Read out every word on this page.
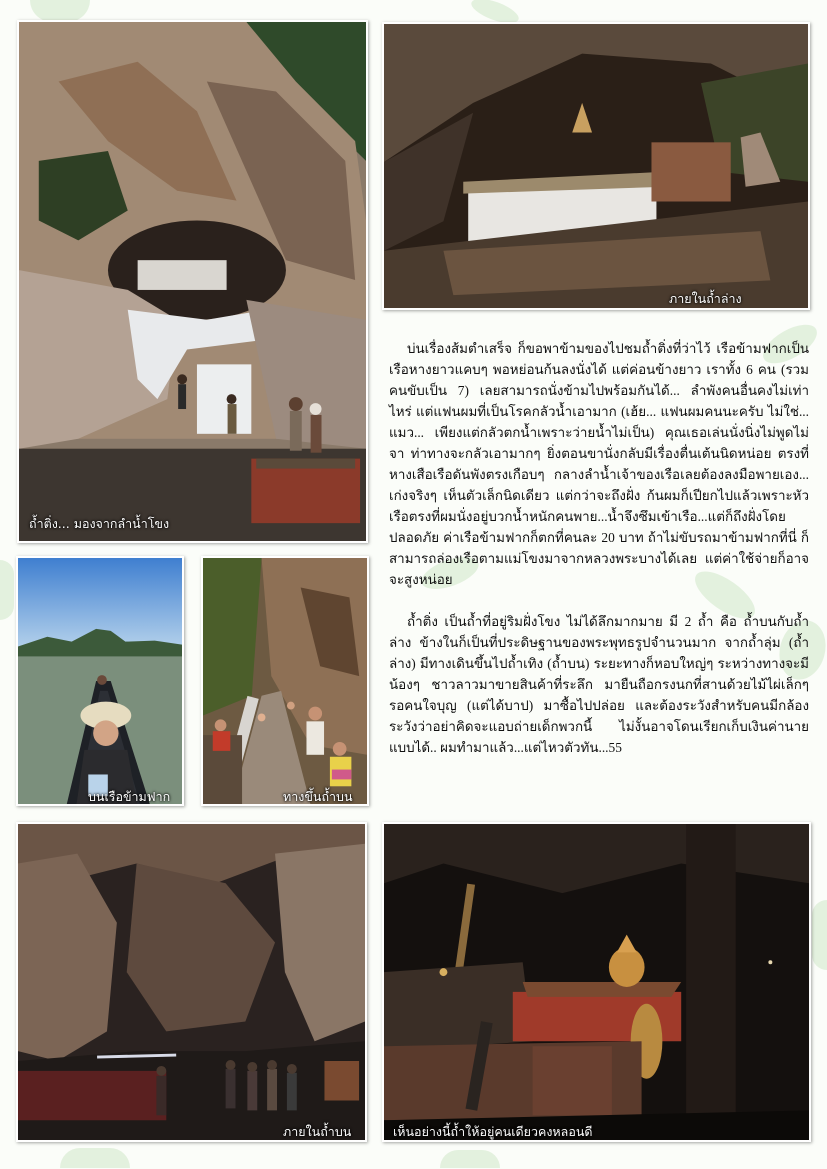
ถ้ำติ่ง... มองจากลำน้ำโขง
ภายในถ้ำล่าง
บนเรือข้ามฟาก	ทางขึ้นถ้ำบน

บ่นเรื่องส้มตำเสร็จ ก็ขอพาข้ามของไปชมถ้ำติ่งที่ว่าไว้ เรือข้ามฟากเป็นเรือหางยาวแคบๆ พอหย่อนก้นลงนั่งได้ แต่ค่อนข้างยาว เราทั้ง 6 คน (รวมคนขับเป็น 7) เลยสามารถนั่งข้ามไปพร้อมกันได้... ลำพังคนอื่นคงไม่เท่าไหร่ แต่แฟนผมที่เป็นโรคกลัวน้ำเอามาก (เฮ้ย... แฟนผมคนนะครับ ไม่ใช่... แมว... เพียงแต่กลัวตกน้ำเพราะว่ายน้ำไม่เป็น) คุณเธอเล่นนั่งนิ่งไม่พูดไม่จา ท่าทางจะกลัวเอามากๆ ยิ่งตอนขานั่งกลับมีเรื่องตื่นเต้นนิดหน่อย ตรงที่หางเสือเรือดันพังตรงเกือบๆ กลางลำน้ำเจ้าของเรือเลยต้องลงมือพายเอง... เก่งจริงๆ เห็นตัวเล็กนิดเดียว แต่กว่าจะถึงฝั่ง ก้นผมก็เปียกไปแล้วเพราะหัวเรือตรงที่ผมนั่งอยู่บวกน้ำหนักคนพาย...น้ำจึงซึมเข้าเรือ...แต่ก็ถึงฝั่งโดยปลอดภัย ค่าเรือข้ามฟากก็ตกที่คนละ 20 บาท ถ้าไม่ขับรถมาข้ามฟากที่นี่ ก็สามารถล่องเรือตามแม่โขงมาจากหลวงพระบางได้เลย แต่ค่าใช้จ่ายก็อาจจะสูงหน่อย

ถ้ำติ่ง เป็นถ้ำที่อยู่ริมฝั่งโขง ไม่ได้ลึกมากมาย มี 2 ถ้ำ คือ ถ้ำบนกับถ้ำล่าง ข้างในก็เป็นที่ประดิษฐานของพระพุทธรูปจำนวนมาก จากถ้ำลุ่ม (ถ้ำล่าง) มีทางเดินขึ้นไปถ้ำเทิง (ถ้ำบน) ระยะทางก็หอบใหญ่ๆ ระหว่างทางจะมีน้องๆ ชาวลาวมาขายสินค้าที่ระลึก มายืนถือกรงนกที่สานด้วยไม้ไผ่เล็กๆ รอคนใจบุญ (แต่ได้บาป) มาซื้อไปปล่อย และต้องระวังสำหรับคนมีกล้อง ระวังว่าอย่าคิดจะแอบถ่ายเด็กพวกนี้ ไม่งั้นอาจโดนเรียกเก็บเงินค่านายแบบได้.. ผมทำมาแล้ว...แต่ไหวตัวทัน...55

ภายในถ้ำบน	เห็นอย่างนี้ถ้ำให้อยู่คนเดียวคงหลอนดี
